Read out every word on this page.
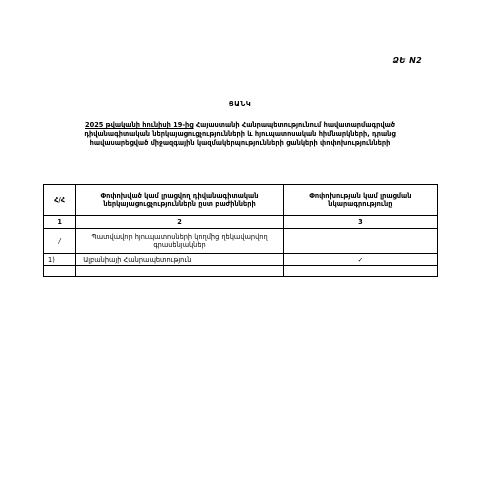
ՁԵ N2
ՑԱՆԿ
2025 թվականի հունիսի 19-ից Հայաստանի Հանրապետությունում հավատարմագրված դիվանագիտական ներկայացուցչությունների և հյուպատոսական հիմնարկների, դրանց հավասարեցված միջազգային կազմակերպությունների ցանկերի փոփոխությունների
Հ/Հ	Փոփոխված կամ լրացվող դիվանագիտական ներկայացուցչություններն ըստ բաժինների	Փոփոխության կամ լրացման նկարագրությունը
1	2	3
/	Պատվավոր հյուպատոսների կողմից ղեկավարվող գրասենյակներ	
1)	Ալբանիայի Հանրապետություն	✓
